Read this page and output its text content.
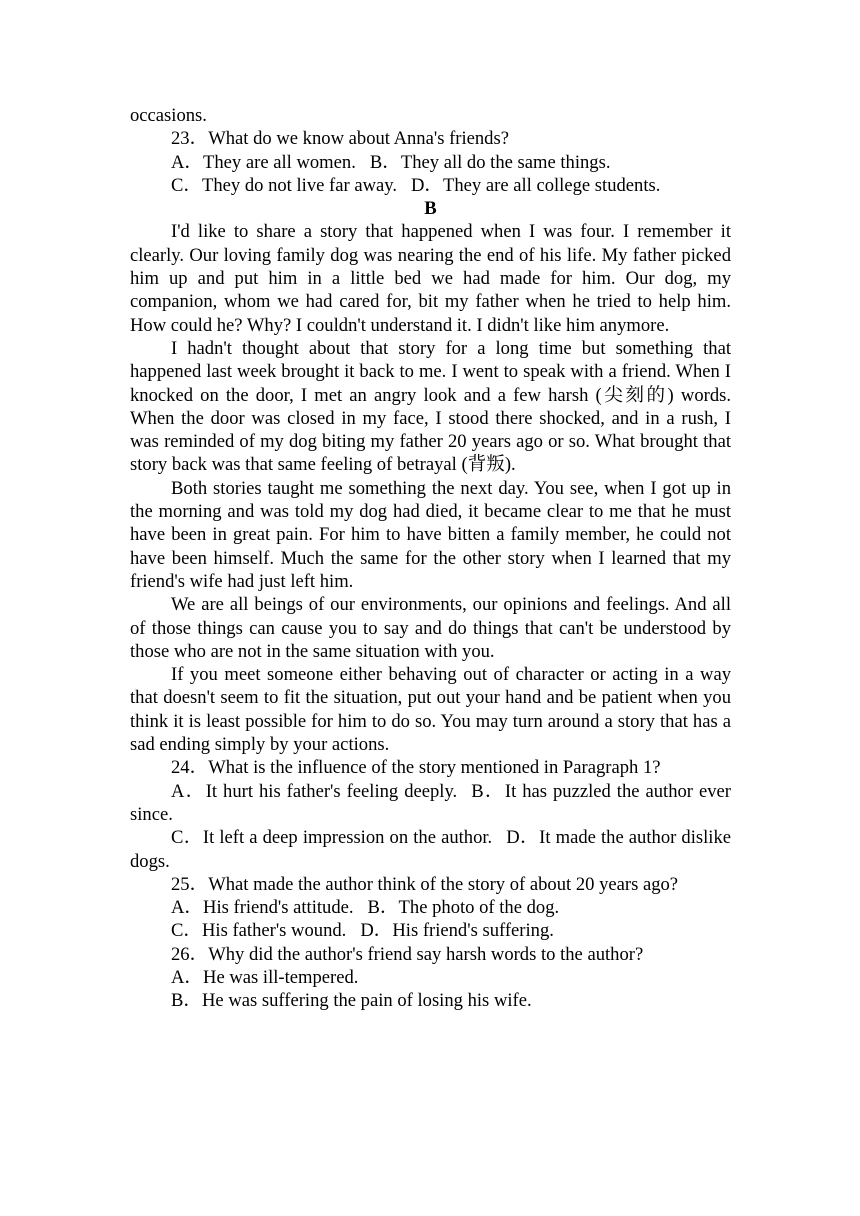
occasions.

23．What do we know about Anna's friends?

A．They are all women. B．They all do the same things.

C．They do not live far away. D．They are all college students.

B

I'd like to share a story that happened when I was four. I remember it clearly. Our loving family dog was nearing the end of his life. My father picked him up and put him in a little bed we had made for him. Our dog, my companion, whom we had cared for, bit my father when he tried to help him. How could he? Why? I couldn't understand it. I didn't like him anymore.

I hadn't thought about that story for a long time but something that happened last week brought it back to me. I went to speak with a friend. When I knocked on the door, I met an angry look and a few harsh (尖刻的) words. When the door was closed in my face, I stood there shocked, and in a rush, I was reminded of my dog biting my father 20 years ago or so. What brought that story back was that same feeling of betrayal (背叛).

Both stories taught me something the next day. You see, when I got up in the morning and was told my dog had died, it became clear to me that he must have been in great pain. For him to have bitten a family member, he could not have been himself. Much the same for the other story when I learned that my friend's wife had just left him.

We are all beings of our environments, our opinions and feelings. And all of those things can cause you to say and do things that can't be understood by those who are not in the same situation with you.

If you meet someone either behaving out of character or acting in a way that doesn't seem to fit the situation, put out your hand and be patient when you think it is least possible for him to do so. You may turn around a story that has a sad ending simply by your actions.

24．What is the influence of the story mentioned in Paragraph 1?

A．It hurt his father's feeling deeply. B．It has puzzled the author ever since.

C．It left a deep impression on the author. D．It made the author dislike dogs.

25．What made the author think of the story of about 20 years ago?

A．His friend's attitude. B．The photo of the dog.

C．His father's wound. D．His friend's suffering.

26．Why did the author's friend say harsh words to the author?

A．He was ill-tempered.

B．He was suffering the pain of losing his wife.
